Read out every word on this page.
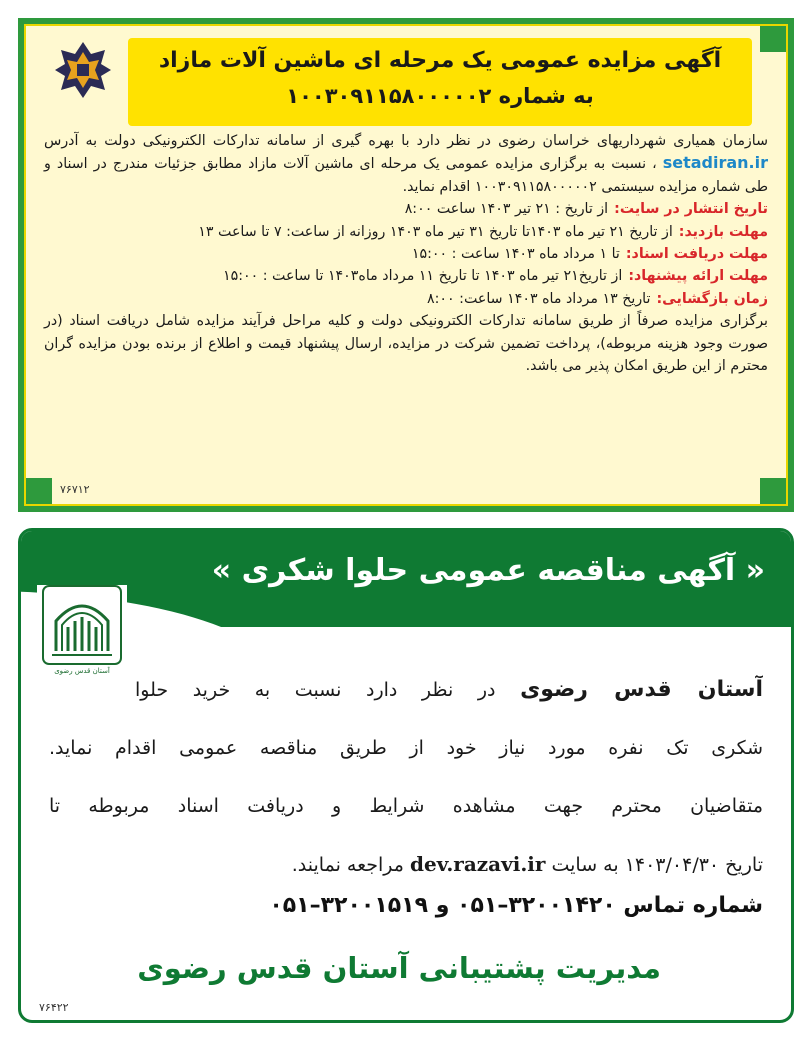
آگهی مزایده عمومی یک مرحله ای ماشین آلات مازاد
به شماره ۱۰۰۳۰۹۱۱۵۸۰۰۰۰۰۲

سازمان همیاری شهرداریهای خراسان رضوی در نظر دارد با بهره گیری از سامانه تدارکات الکترونیکی دولت به آدرس setadiran.ir ، نسبت به برگزاری مزایده عمومی یک مرحله ای ماشین آلات مازاد مطابق جزئیات مندرج در اسناد و طی شماره مزایده سیستمی ۱۰۰۳۰۹۱۱۵۸۰۰۰۰۰۲ اقدام نماید.

تاریخ انتشار در سایت:از تاریخ : ۲۱ تیر ۱۴۰۳ ساعت ۸:۰۰
مهلت بازدید:از تاریخ ۲۱ تیر ماه ۱۴۰۳تا تاریخ ۳۱ تیر ماه ۱۴۰۳ روزانه از ساعت: ۷ تا ساعت ۱۳
مهلت دریافت اسناد:تا ۱ مرداد ماه ۱۴۰۳ ساعت : ۱۵:۰۰
مهلت ارائه پیشنهاد:از تاریخ۲۱ تیر ماه ۱۴۰۳ تا تاریخ ۱۱ مرداد ماه۱۴۰۳ تا ساعت : ۱۵:۰۰
زمان بازگشایی:تاریخ ۱۳ مرداد ماه ۱۴۰۳ ساعت: ۸:۰۰

برگزاری مزایده صرفاً از طریق سامانه تدارکات الکترونیکی دولت و کلیه مراحل فرآیند مزایده شامل دریافت اسناد (در صورت وجود هزینه مربوطه)، پرداخت تضمین شرکت در مزایده، ارسال پیشنهاد قیمت و اطلاع از برنده بودن مزایده گران محترم از این طریق امکان پذیر می باشد.

۷۶۷۱۲
« آگهی مناقصه عمومی حلوا شکری »
آستان قدس رضوی
آستان قدس رضوی در نظر دارد نسبت به خرید حلوا
شکری تک نفره مورد نیاز خود از طریق مناقصه عمومی اقدام نماید.
متقاضیان محترم جهت مشاهده شرایط و دریافت اسناد مربوطه تا
تاریخ ۱۴۰۳/۰۴/۳۰ به سایت dev.razavi.ir مراجعه نمایند.
شماره تماس ۳۲۰۰۱۴۲۰–۰۵۱ و ۳۲۰۰۱۵۱۹–۰۵۱
مدیریت پشتیبانی آستان قدس رضوی
۷۶۴۲۲
